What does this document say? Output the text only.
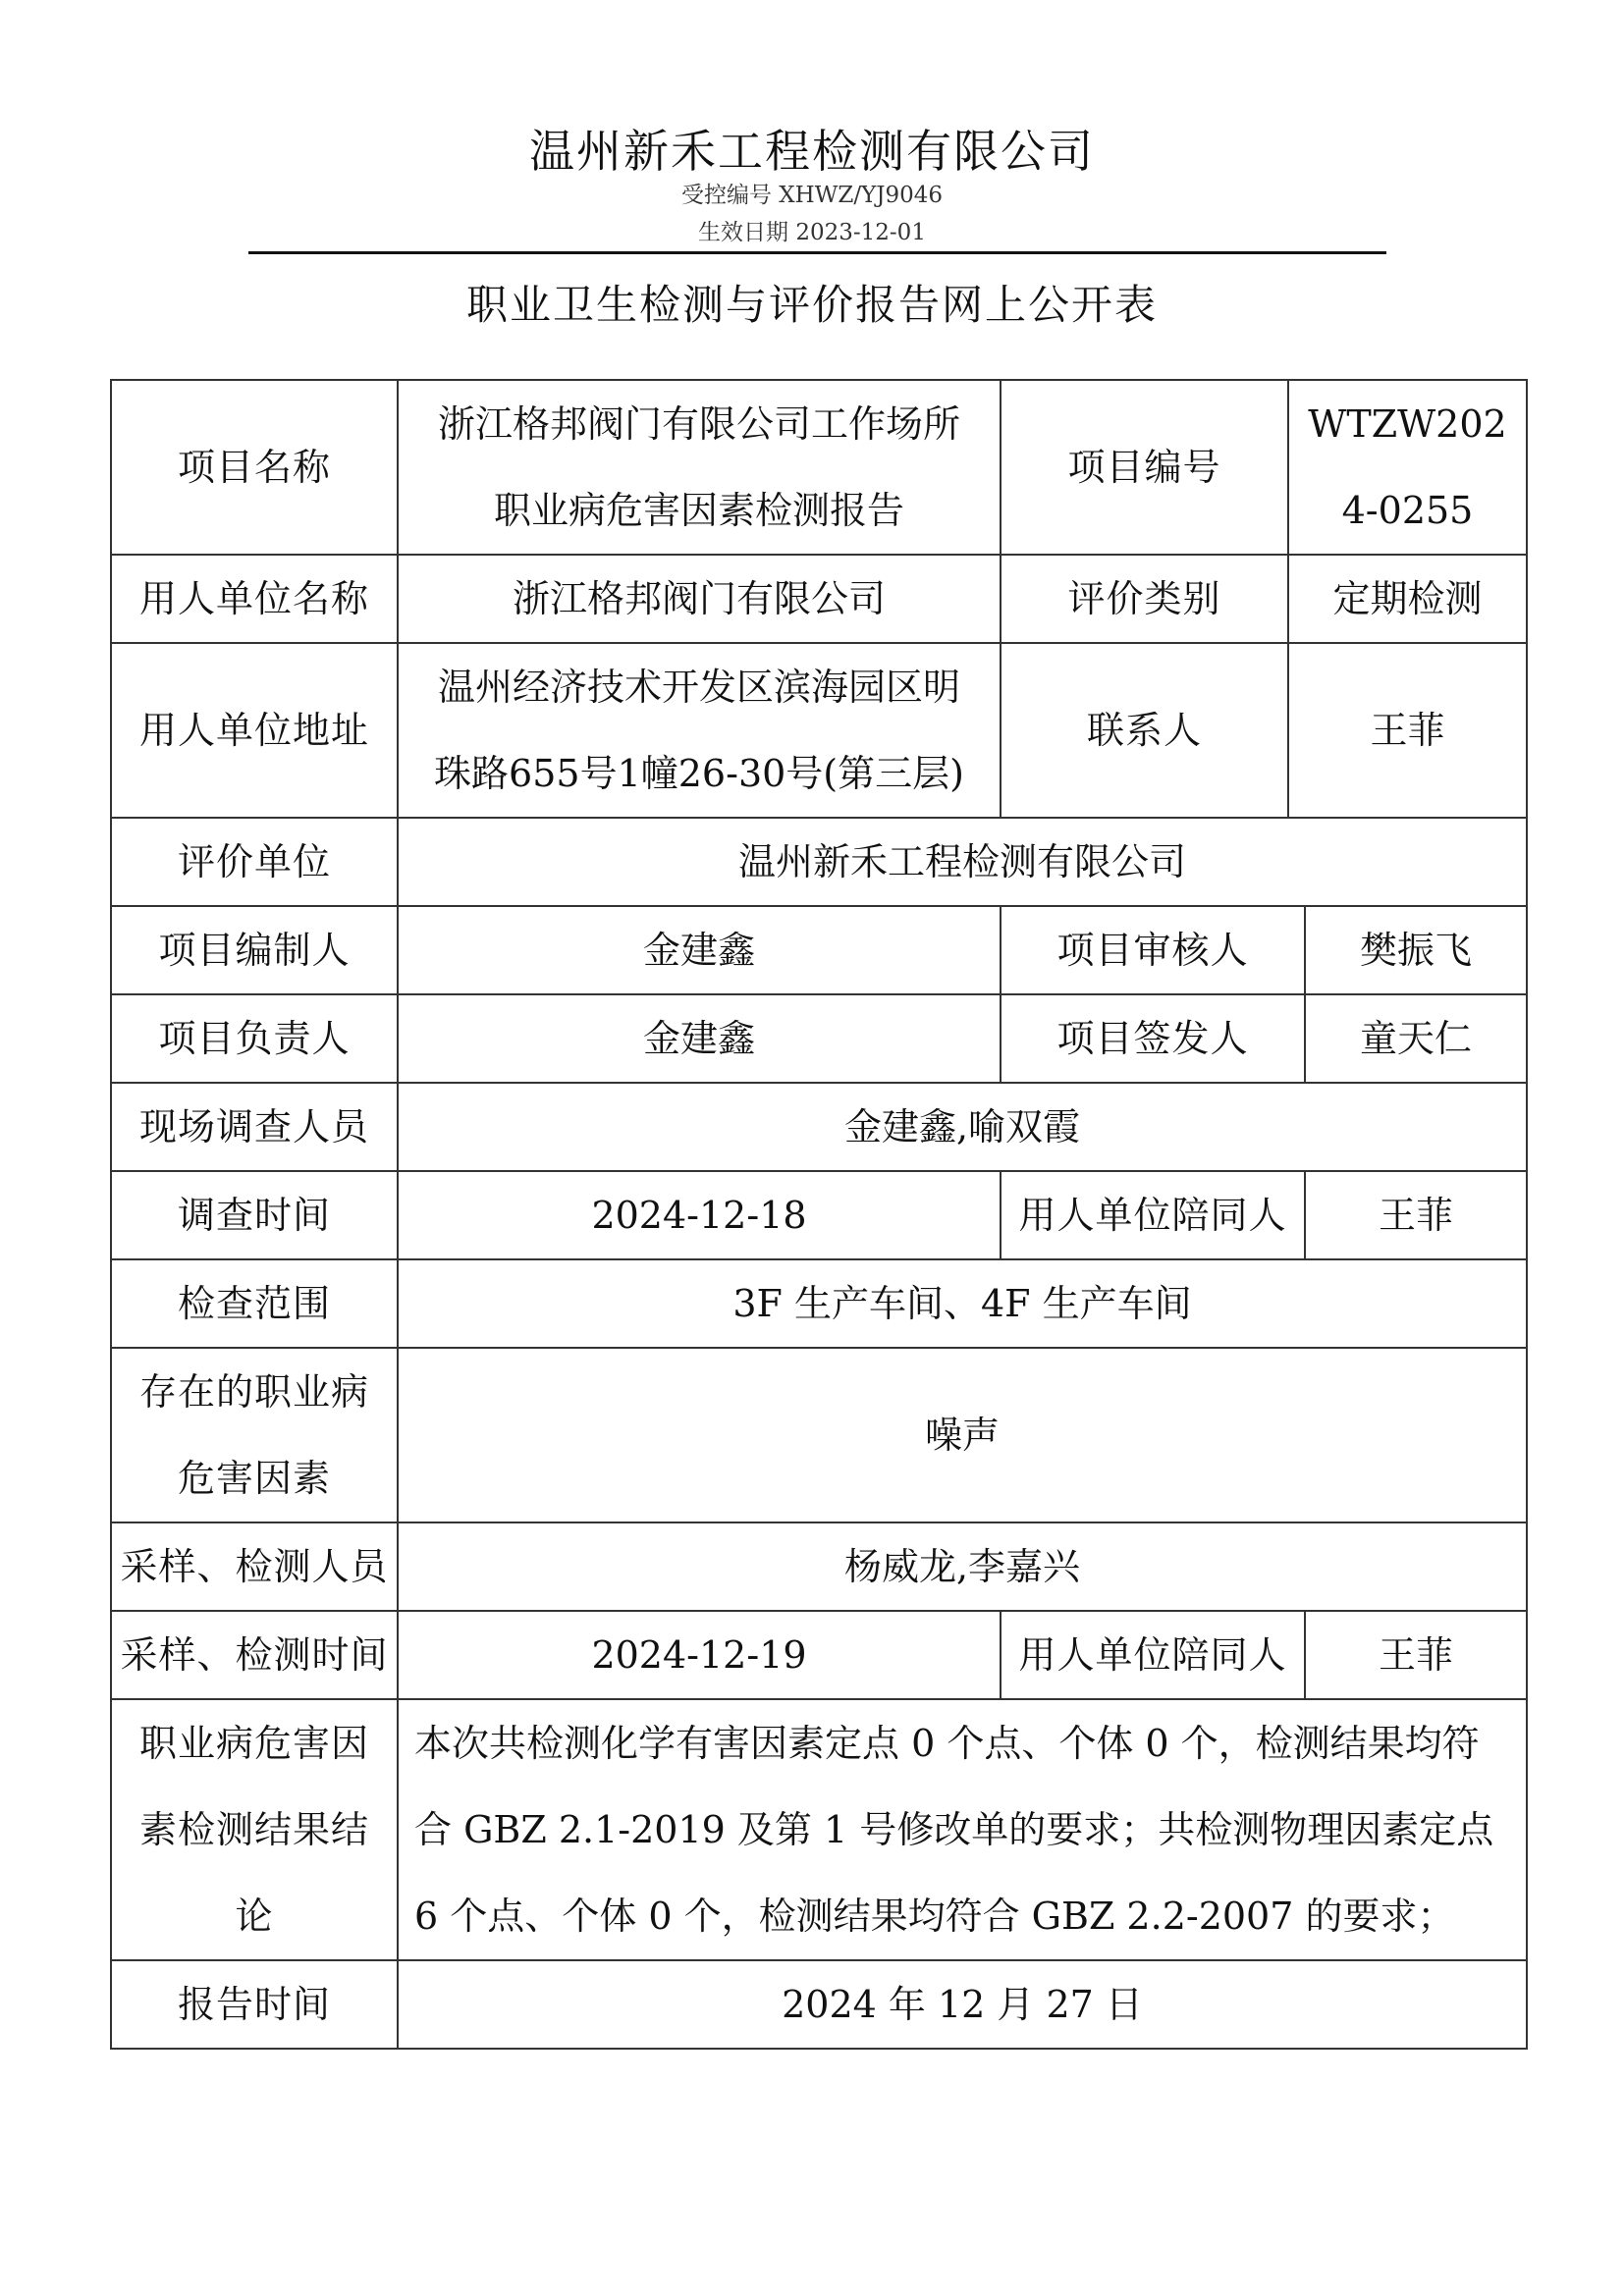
温州新禾工程检测有限公司
受控编号 XHWZ/YJ9046
生效日期 2023-12-01
职业卫生检测与评价报告网上公开表
项目名称	浙江格邦阀门有限公司工作场所职业病危害因素检测报告	项目编号	WTZW2024-0255	
用人单位名称	浙江格邦阀门有限公司	评价类别	定期检测	
用人单位地址	温州经济技术开发区滨海园区明珠路655号1幢26-30号(第三层)	联系人	王菲	
评价单位	温州新禾工程检测有限公司			
项目编制人	金建鑫	项目审核人		樊振飞
项目负责人	金建鑫	项目签发人		童天仁
现场调查人员	金建鑫,喻双霞			
调查时间	2024-12-18	用人单位陪同人		王菲
检查范围	3F 生产车间、4F 生产车间			
存在的职业病危害因素	噪声			
采样、检测人员	杨威龙,李嘉兴			
采样、检测时间	2024-12-19	用人单位陪同人		王菲
职业病危害因素检测结果结论	本次共检测化学有害因素定点 0 个点、个体 0 个，检测结果均符合 GBZ 2.1-2019 及第 1 号修改单的要求；共检测物理因素定点 6 个点、个体 0 个，检测结果均符合 GBZ 2.2-2007 的要求；			
报告时间	2024 年 12 月 27 日			
